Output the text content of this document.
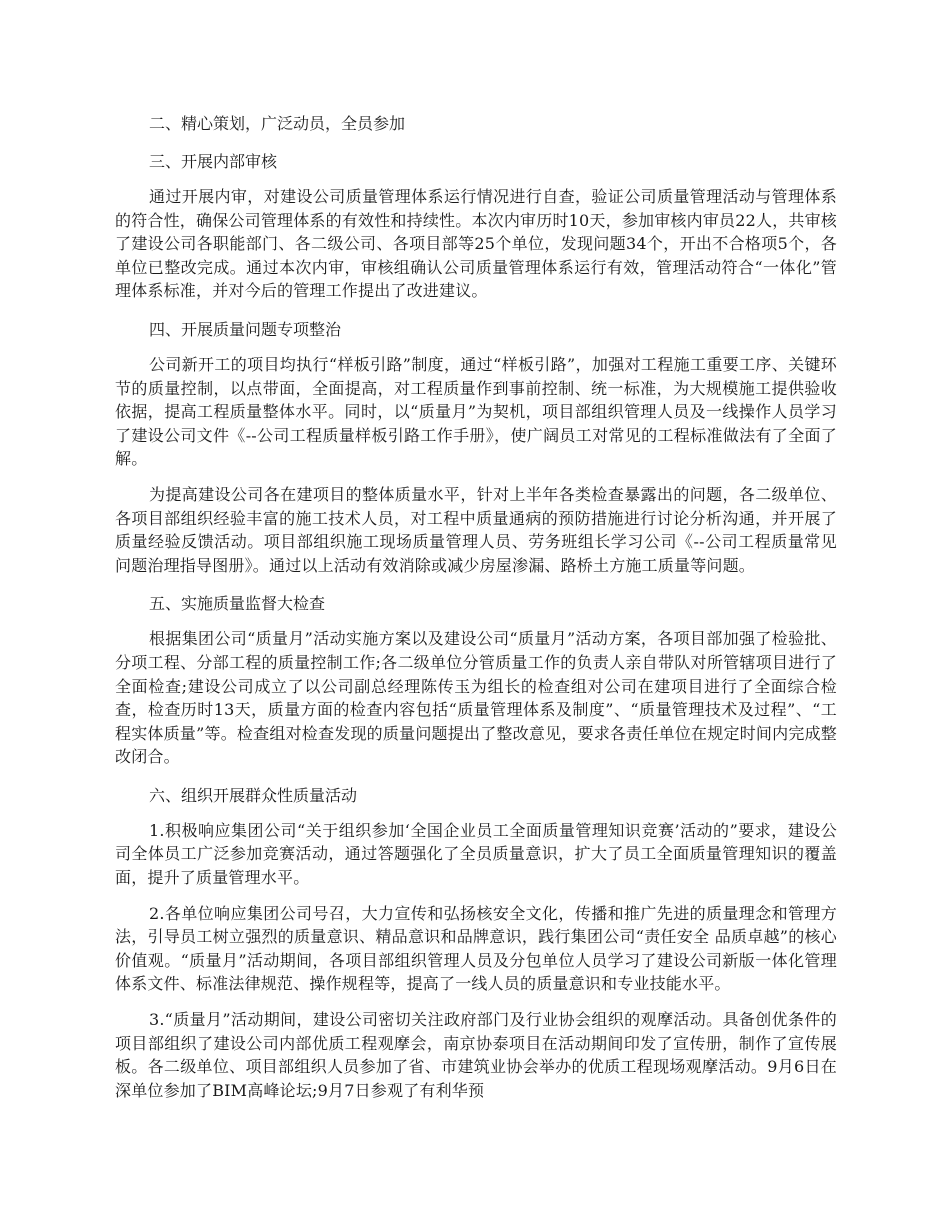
二、精心策划，广泛动员，全员参加
三、开展内部审核

通过开展内审，对建设公司质量管理体系运行情况进行自查，验证公司质量管理活动与管理体系的符合性，确保公司管理体系的有效性和持续性。本次内审历时10天，参加审核内审员22人，共审核了建设公司各职能部门、各二级公司、各项目部等25个单位，发现问题34个，开出不合格项5个，各单位已整改完成。通过本次内审，审核组确认公司质量管理体系运行有效，管理活动符合“一体化”管理体系标准，并对今后的管理工作提出了改进建议。

四、开展质量问题专项整治

公司新开工的项目均执行“样板引路”制度，通过“样板引路”，加强对工程施工重要工序、关键环节的质量控制，以点带面，全面提高，对工程质量作到事前控制、统一标准，为大规模施工提供验收依据，提高工程质量整体水平。同时，以“质量月”为契机，项目部组织管理人员及一线操作人员学习了建设公司文件《--公司工程质量样板引路工作手册》，使广阔员工对常见的工程标准做法有了全面了解。

为提高建设公司各在建项目的整体质量水平，针对上半年各类检查暴露出的问题，各二级单位、各项目部组织经验丰富的施工技术人员，对工程中质量通病的预防措施进行讨论分析沟通，并开展了质量经验反馈活动。项目部组织施工现场质量管理人员、劳务班组长学习公司《--公司工程质量常见问题治理指导图册》。通过以上活动有效消除或减少房屋渗漏、路桥土方施工质量等问题。

五、实施质量监督大检查

根据集团公司“质量月”活动实施方案以及建设公司“质量月”活动方案，各项目部加强了检验批、分项工程、分部工程的质量控制工作;各二级单位分管质量工作的负责人亲自带队对所管辖项目进行了全面检查;建设公司成立了以公司副总经理陈传玉为组长的检查组对公司在建项目进行了全面综合检查，检查历时13天，质量方面的检查内容包括“质量管理体系及制度”、“质量管理技术及过程”、“工程实体质量”等。检查组对检查发现的质量问题提出了整改意见，要求各责任单位在规定时间内完成整改闭合。

六、组织开展群众性质量活动

1.积极响应集团公司“关于组织参加‘全国企业员工全面质量管理知识竞赛’活动的”要求，建设公司全体员工广泛参加竞赛活动，通过答题强化了全员质量意识，扩大了员工全面质量管理知识的覆盖面，提升了质量管理水平。

2.各单位响应集团公司号召，大力宣传和弘扬核安全文化，传播和推广先进的质量理念和管理方法，引导员工树立强烈的质量意识、精品意识和品牌意识，践行集团公司“责任安全 品质卓越”的核心价值观。“质量月”活动期间，各项目部组织管理人员及分包单位人员学习了建设公司新版一体化管理体系文件、标准法律规范、操作规程等，提高了一线人员的质量意识和专业技能水平。

3.“质量月”活动期间，建设公司密切关注政府部门及行业协会组织的观摩活动。具备创优条件的项目部组织了建设公司内部优质工程观摩会，南京协泰项目在活动期间印发了宣传册，制作了宣传展板。各二级单位、项目部组织人员参加了省、市建筑业协会举办的优质工程现场观摩活动。9月6日在深单位参加了BIM高峰论坛;9月7日参观了有利华预
